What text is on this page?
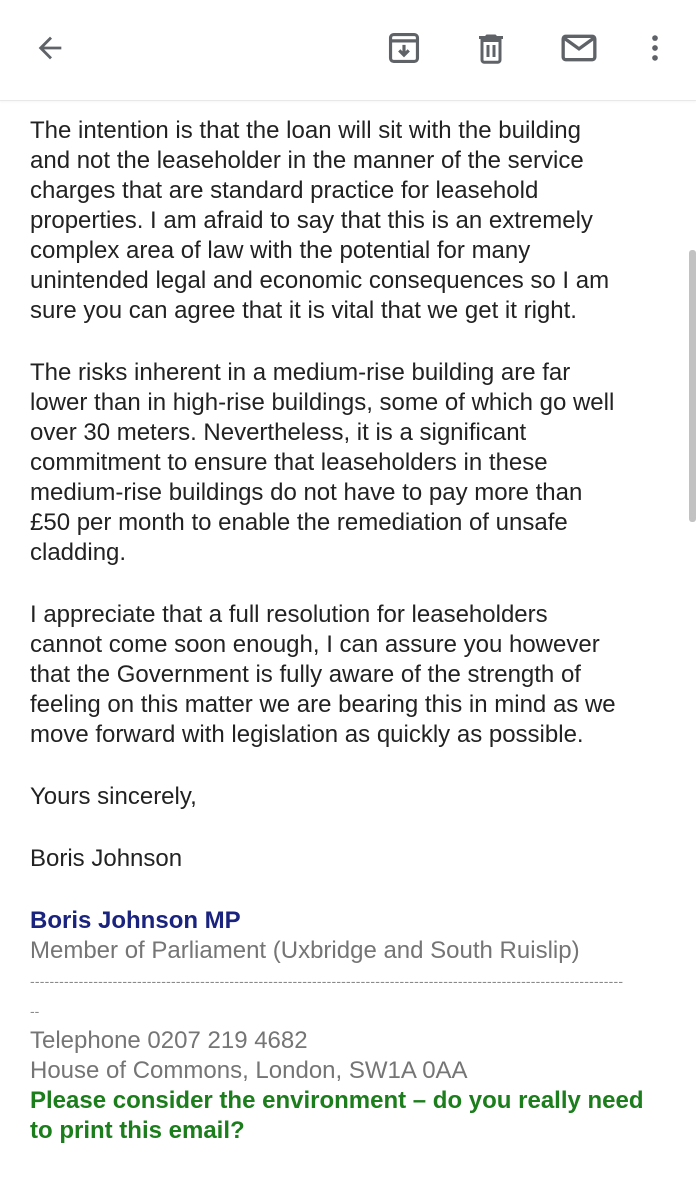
The intention is that the loan will sit with the building
and not the leaseholder in the manner of the service
charges that are standard practice for leasehold
properties. I am afraid to say that this is an extremely
complex area of law with the potential for many
unintended legal and economic consequences so I am
sure you can agree that it is vital that we get it right.

The risks inherent in a medium-rise building are far
lower than in high-rise buildings, some of which go well
over 30 meters. Nevertheless, it is a significant
commitment to ensure that leaseholders in these
medium-rise buildings do not have to pay more than
£50 per month to enable the remediation of unsafe
cladding.

I appreciate that a full resolution for leaseholders
cannot come soon enough, I can assure you however
that the Government is fully aware of the strength of
feeling on this matter we are bearing this in mind as we
move forward with legislation as quickly as possible.

Yours sincerely,

Boris Johnson

Boris Johnson MP

Member of Parliament (Uxbridge and South Ruislip)

--------------------------------------------------------------------------------------------------------------------------
--

Telephone 0207 219 4682

House of Commons, London, SW1A 0AA

Please consider the environment – do you really need

to print this email?
